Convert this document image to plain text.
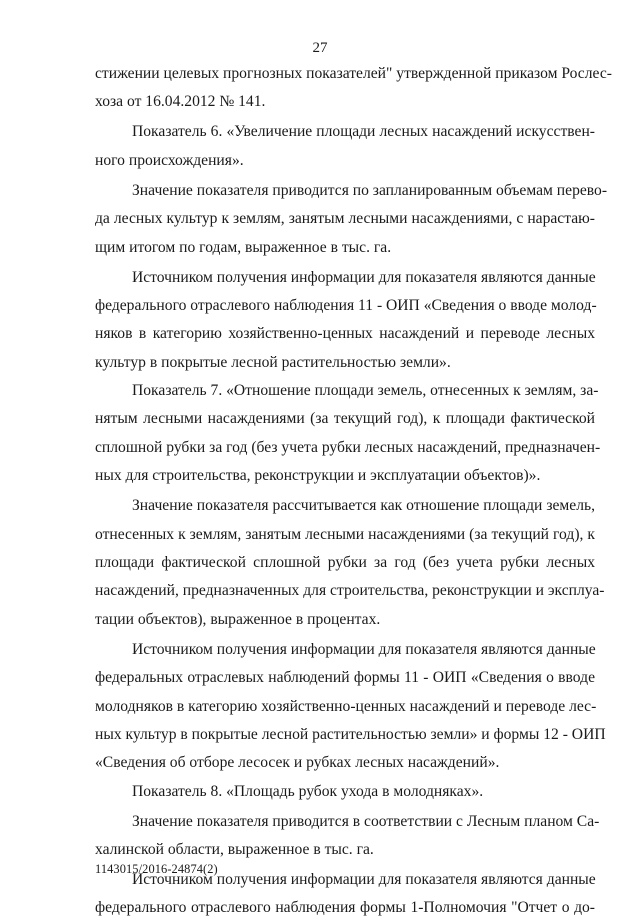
27
стижении целевых прогнозных показателей" утвержденной приказом Рослес-
хоза от 16.04.2012 № 141.
Показатель 6. «Увеличение площади лесных насаждений искусствен-
ного происхождения».
Значение показателя приводится по запланированным объемам перево-
да лесных культур к землям, занятым лесными насаждениями, с нарастаю-
щим итогом по годам, выраженное в тыс. га.
Источником получения информации для показателя являются данные
федерального отраслевого наблюдения 11 - ОИП «Сведения о вводе молод-
няков в категорию хозяйственно-ценных насаждений и переводе лесных
культур в покрытые лесной растительностью земли».
Показатель 7. «Отношение площади земель, отнесенных к землям, за-
нятым лесными насаждениями (за текущий год), к площади фактической
сплошной рубки за год (без учета рубки лесных насаждений, предназначен-
ных для строительства, реконструкции и эксплуатации объектов)».
Значение показателя рассчитывается как отношение площади земель,
отнесенных к землям, занятым лесными насаждениями (за текущий год), к
площади фактической сплошной рубки за год (без учета рубки лесных
насаждений, предназначенных для строительства, реконструкции и эксплуа-
тации объектов), выраженное в процентах.
Источником получения информации для показателя являются данные
федеральных отраслевых наблюдений формы 11 - ОИП «Сведения о вводе
молодняков в категорию хозяйственно-ценных насаждений и переводе лес-
ных культур в покрытые лесной растительностью земли» и формы 12 - ОИП
«Сведения об отборе лесосек и рубках лесных насаждений».
Показатель 8. «Площадь рубок ухода в молодняках».
Значение показателя приводится в соответствии с Лесным планом Са-
халинской области, выраженное в тыс. га.
Источником получения информации для показателя являются данные
федерального отраслевого наблюдения формы 1-Полномочия "Отчет о до-
1143015/2016-24874(2)
